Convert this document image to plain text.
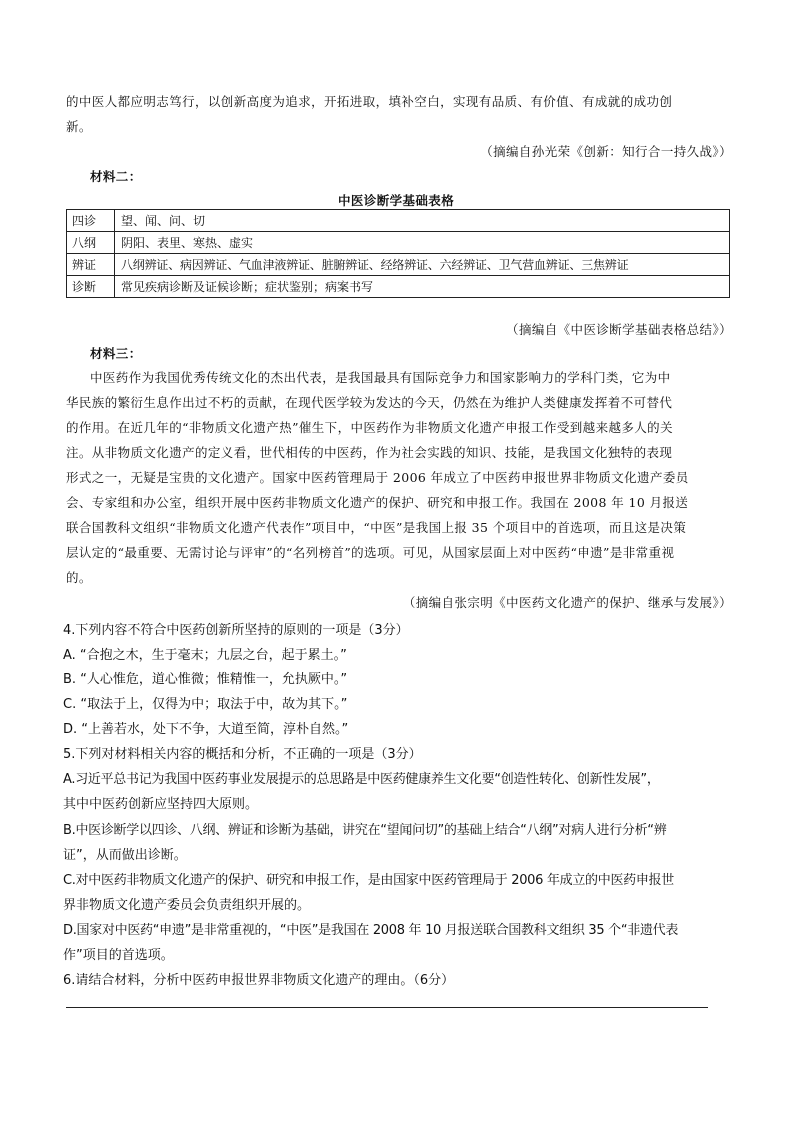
的中医人都应明志笃行，以创新高度为追求，开拓进取，填补空白，实现有品质、有价值、有成就的成功创
新。
（摘编自孙光荣《创新：知行合一持久战》）
材料二：
中医诊断学基础表格
四诊	望、闻、问、切
八纲	阴阳、表里、寒热、虚实
辨证	八纲辨证、病因辨证、气血津液辨证、脏腑辨证、经络辨证、六经辨证、卫气营血辨证、三焦辨证
诊断	常见疾病诊断及证候诊断；症状鉴别；病案书写
（摘编自《中医诊断学基础表格总结》）
材料三：
中医药作为我国优秀传统文化的杰出代表，是我国最具有国际竞争力和国家影响力的学科门类，它为中
华民族的繁衍生息作出过不朽的贡献，在现代医学较为发达的今天，仍然在为维护人类健康发挥着不可替代
的作用。在近几年的“非物质文化遗产热”催生下，中医药作为非物质文化遗产申报工作受到越来越多人的关
注。从非物质文化遗产的定义看，世代相传的中医药，作为社会实践的知识、技能，是我国文化独特的表现
形式之一，无疑是宝贵的文化遗产。国家中医药管理局于 2006 年成立了中医药申报世界非物质文化遗产委员
会、专家组和办公室，组织开展中医药非物质文化遗产的保护、研究和申报工作。我国在 2008 年 10 月报送
联合国教科文组织“非物质文化遗产代表作”项目中，“中医”是我国上报 35 个项目中的首选项，而且这是决策
层认定的“最重要、无需讨论与评审”的“名列榜首”的选项。可见，从国家层面上对中医药“申遗”是非常重视
的。
（摘编自张宗明《中医药文化遗产的保护、继承与发展》）
4.下列内容不符合中医药创新所坚持的原则的一项是（3分）
A. “合抱之木，生于毫末；九层之台，起于累土。”
B. “人心惟危，道心惟微；惟精惟一，允执厥中。”
C. “取法于上，仅得为中；取法于中，故为其下。”
D. “上善若水，处下不争，大道至简，淳朴自然。”
5.下列对材料相关内容的概括和分析，不正确的一项是（3分）
A.习近平总书记为我国中医药事业发展提示的总思路是中医药健康养生文化要“创造性转化、创新性发展”，
其中中医药创新应坚持四大原则。
B.中医诊断学以四诊、八纲、辨证和诊断为基础，讲究在“望闻问切”的基础上结合“八纲”对病人进行分析“辨
证”，从而做出诊断。
C.对中医药非物质文化遗产的保护、研究和申报工作，是由国家中医药管理局于 2006 年成立的中医药申报世
界非物质文化遗产委员会负责组织开展的。
D.国家对中医药“申遗”是非常重视的，“中医”是我国在 2008 年 10 月报送联合国教科文组织 35 个“非遗代表
作”项目的首选项。
6.请结合材料，分析中医药申报世界非物质文化遗产的理由。（6分）
